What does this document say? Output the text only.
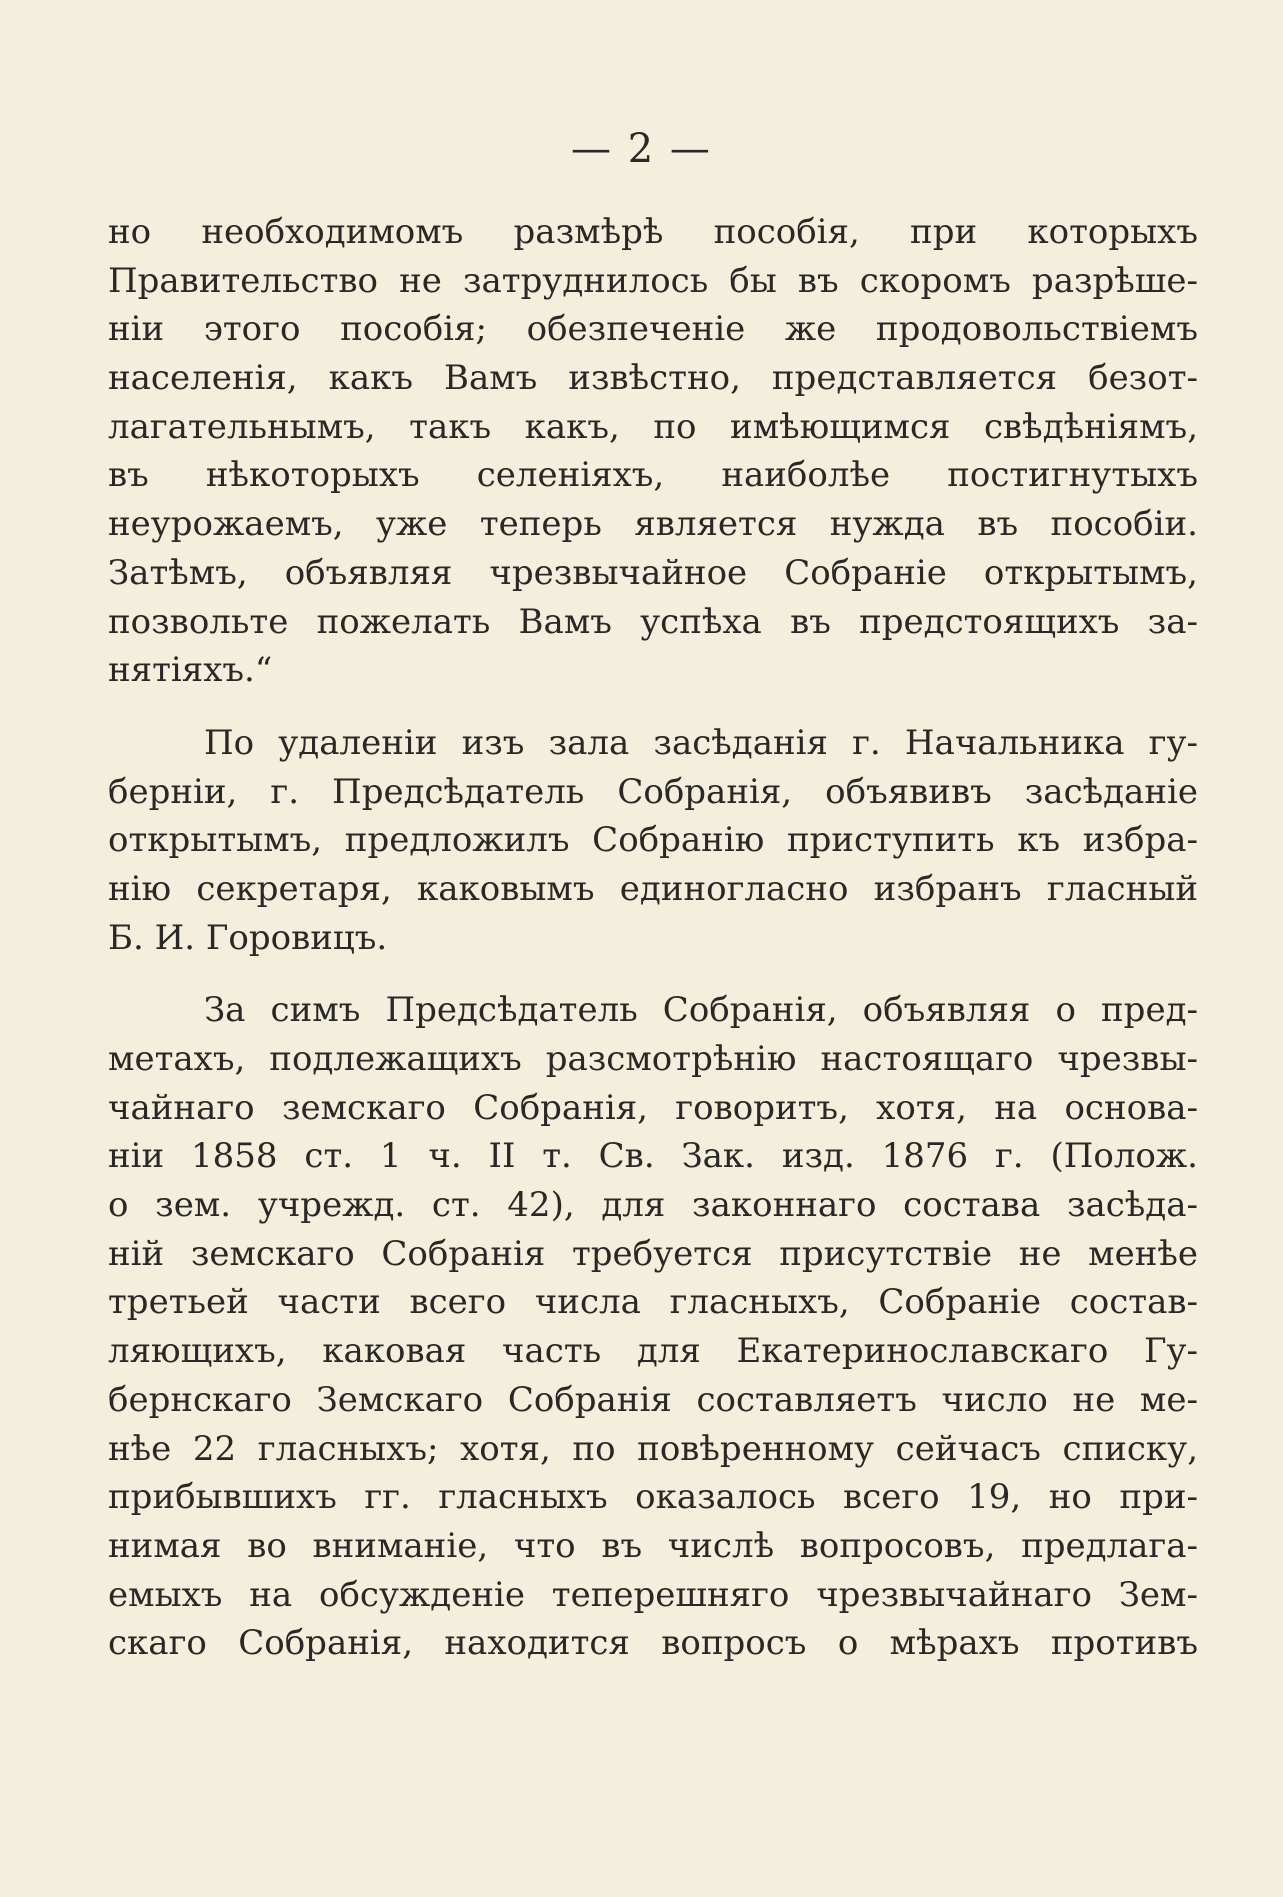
— 2 —
но необходимомъ размѣрѣ пособія, при которыхъ
Правительство не затруднилось бы въ скоромъ разрѣше-
ніи этого пособія; обезпеченіе же продовольствіемъ
населенія, какъ Вамъ извѣстно, представляется безот-
лагательнымъ, такъ какъ, по имѣющимся свѣдѣніямъ,
въ нѣкоторыхъ селеніяхъ, наиболѣе постигнутыхъ
неурожаемъ, уже теперь является нужда въ пособіи.
Затѣмъ, объявляя чрезвычайное Собраніе открытымъ,
позвольте пожелать Вамъ успѣха въ предстоящихъ за-
нятіяхъ.“
По удаленіи изъ зала засѣданія г. Начальника гу-
берніи, г. Предсѣдатель Собранія, объявивъ засѣданіе
открытымъ, предложилъ Собранію приступить къ избра-
нію секретаря, каковымъ единогласно избранъ гласный
Б. И. Горовицъ.
За симъ Предсѣдатель Собранія, объявляя о пред-
метахъ, подлежащихъ разсмотрѣнію настоящаго чрезвы-
чайнаго земскаго Собранія, говоритъ, хотя, на основа-
ніи 1858 ст. 1 ч. II т. Св. Зак. изд. 1876 г. (Полож.
о зем. учрежд. ст. 42), для законнаго состава засѣда-
ній земскаго Собранія требуется присутствіе не менѣе
третьей части всего числа гласныхъ, Собраніе состав-
ляющихъ, каковая часть для Екатеринославскаго Гу-
бернскаго Земскаго Собранія составляетъ число не ме-
нѣе 22 гласныхъ; хотя, по повѣренному сейчасъ списку,
прибывшихъ гг. гласныхъ оказалось всего 19, но при-
нимая во вниманіе, что въ числѣ вопросовъ, предлага-
емыхъ на обсужденіе теперешняго чрезвычайнаго Зем-
скаго Собранія, находится вопросъ о мѣрахъ противъ
